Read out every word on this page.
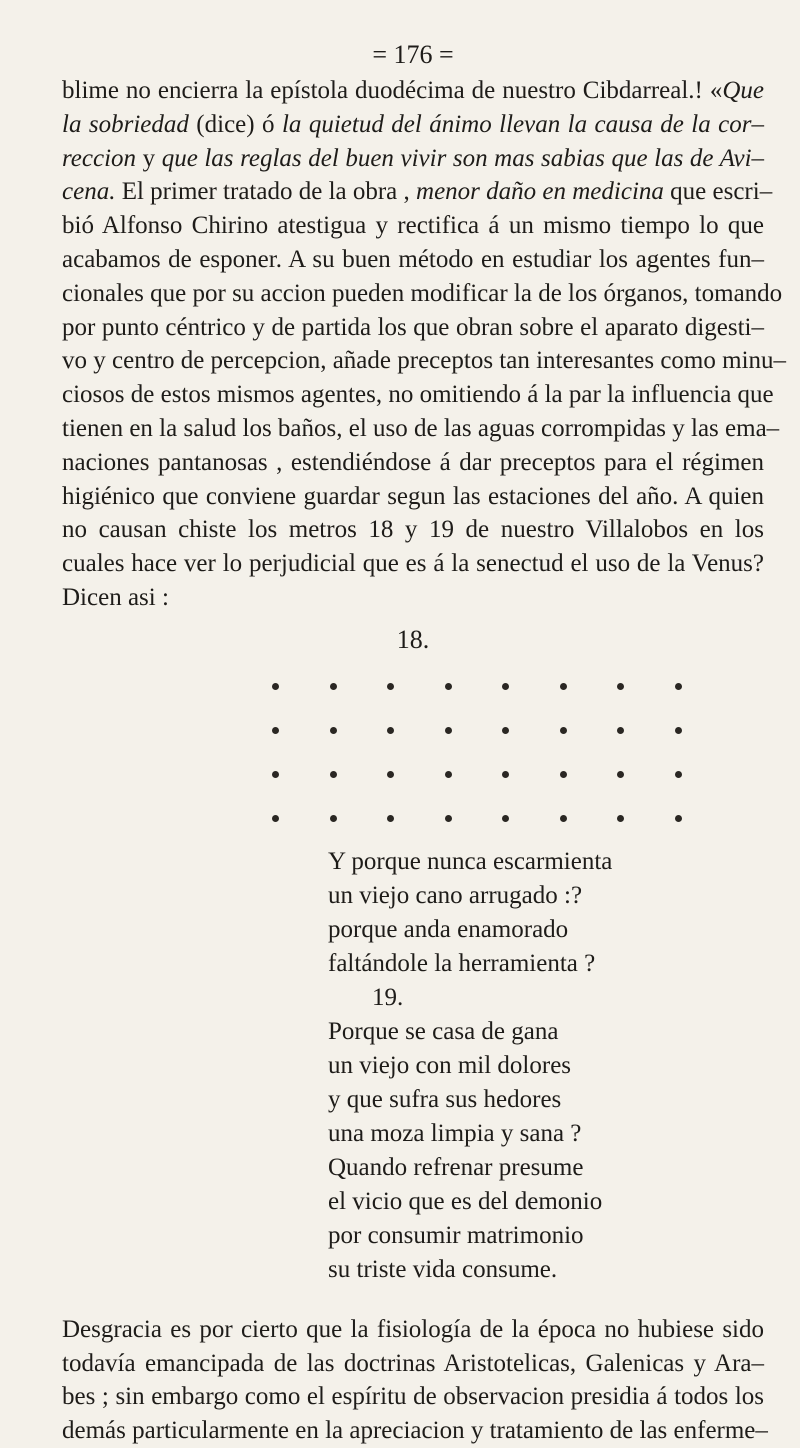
= 176 =
blime no encierra la epístola duodécima de nuestro Cibdarreal.! «Que
la sobriedad (dice) ó la quietud del ánimo llevan la causa de la cor–
reccion y que las reglas del buen vivir son mas sabias que las de Avi–
cena. El primer tratado de la obra , menor daño en medicina que escri–
bió Alfonso Chirino atestigua y rectifica á un mismo tiempo lo que
acabamos de esponer. A su buen método en estudiar los agentes fun–
cionales que por su accion pueden modificar la de los órganos, tomando
por punto céntrico y de partida los que obran sobre el aparato digesti–
vo y centro de percepcion, añade preceptos tan interesantes como minu–
ciosos de estos mismos agentes, no omitiendo á la par la influencia que
tienen en la salud los baños, el uso de las aguas corrompidas y las ema–
naciones pantanosas , estendiéndose á dar preceptos para el régimen
higiénico que conviene guardar segun las estaciones del año. A quien
no causan chiste los metros 18 y 19 de nuestro Villalobos en los
cuales hace ver lo perjudicial que es á la senectud el uso de la Venus?
Dicen asi :
18.
Y porque nunca escarmienta
un viejo cano arrugado :?
porque anda enamorado
faltándole la herramienta ?
19.
Porque se casa de gana
un viejo con mil dolores
y que sufra sus hedores
una moza limpia y sana ?
Quando refrenar presume
el vicio que es del demonio
por consumir matrimonio
su triste vida consume.
Desgracia es por cierto que la fisiología de la época no hubiese sido
todavía emancipada de las doctrinas Aristotelicas, Galenicas y Ara–
bes ; sin embargo como el espíritu de observacion presidia á todos los
demás particularmente en la apreciacion y tratamiento de las enferme–
